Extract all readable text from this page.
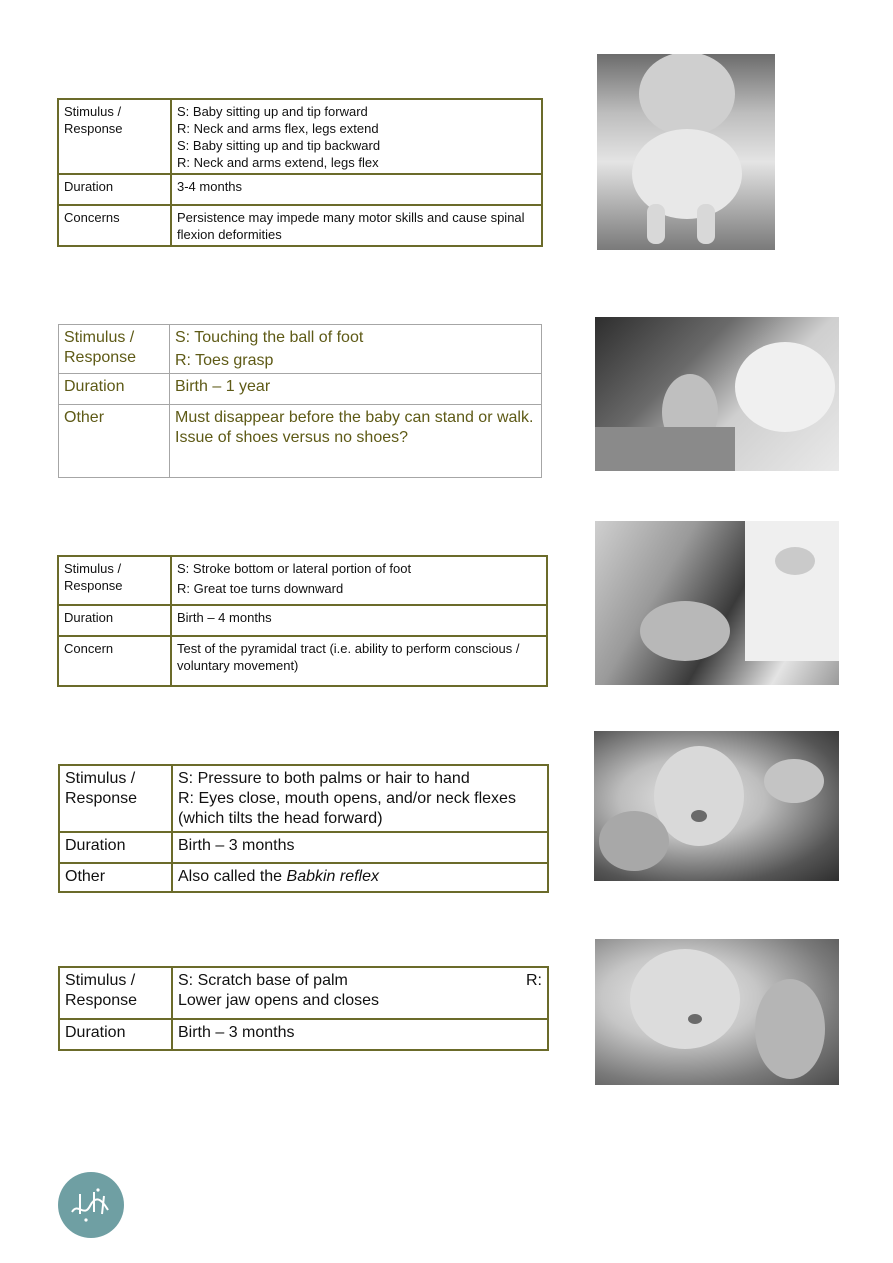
Stimulus / Response	S: Baby sitting up and tip forward
R: Neck and arms flex, legs extend
S: Baby sitting up and tip backward
R: Neck and arms extend, legs flex

Duration	3-4 months
Concerns	Persistence may impede many motor skills and cause spinal flexion deformities
Stimulus / Response	S: Touching the ball of foot
R: Toes grasp

Duration	Birth – 1 year
Other	Must disappear before the baby can stand or walk.
Issue of shoes versus no shoes?
Stimulus / Response	S: Stroke bottom or lateral portion of foot
R: Great toe turns downward

Duration	Birth – 4 months
Concern	Test of the pyramidal tract (i.e. ability to perform conscious / voluntary movement)
Stimulus / Response	S: Pressure to both palms or hair to hand
R: Eyes close, mouth opens, and/or neck flexes (which tilts the head forward)

Duration	Birth – 3 months
Other	Also called the Babkin reflex
Stimulus / Response	S: Scratch base of palm R:
Lower jaw opens and closes

Duration	Birth – 3 months
